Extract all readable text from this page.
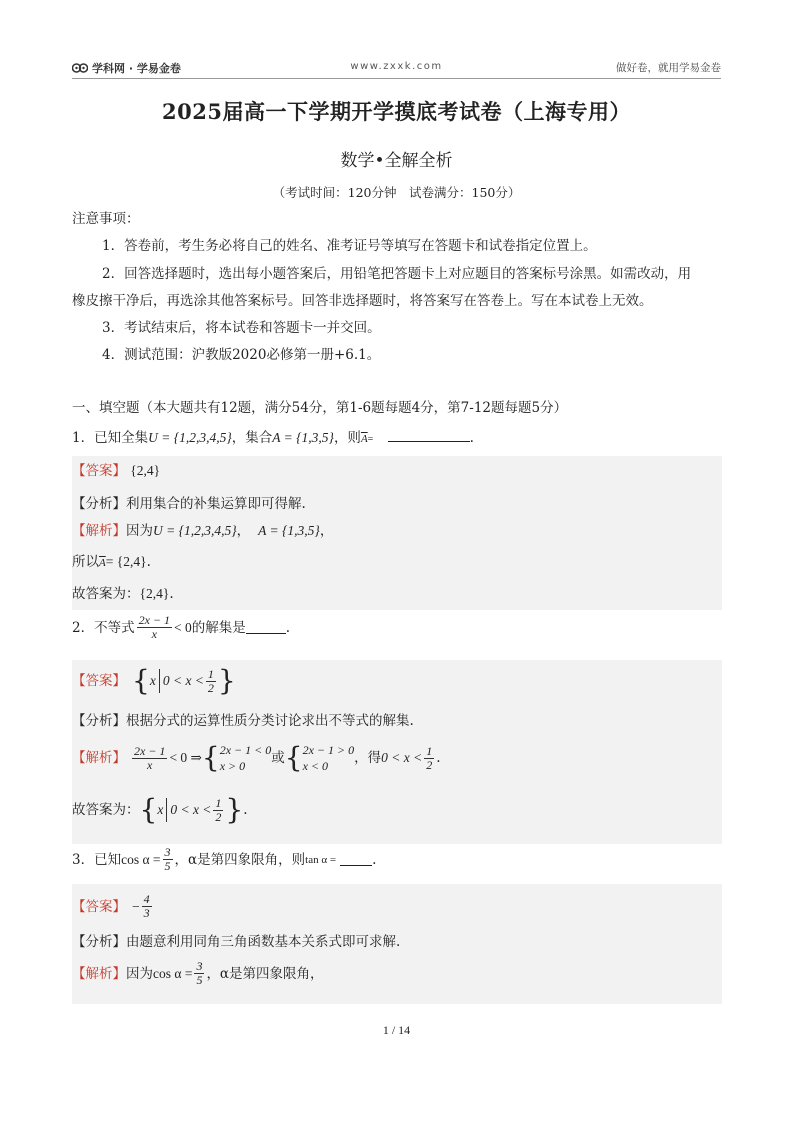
学科网 · 学易金卷	www.zxxk.com	做好卷，就用学易金卷
2025届高一下学期开学摸底考试卷（上海专用）
数学•全解全析
（考试时间：120分钟　试卷满分：150分）
注意事项：
1．答卷前，考生务必将自己的姓名、准考证号等填写在答题卡和试卷指定位置上。
2．回答选择题时，选出每小题答案后，用铅笔把答题卡上对应题目的答案标号涂黑。如需改动，用
橡皮擦干净后，再选涂其他答案标号。回答非选择题时，将答案写在答卷上。写在本试卷上无效。
3．考试结束后，将本试卷和答题卡一并交回。
4．测试范围：沪教版2020必修第一册+6.1。
一、填空题（本大题共有12题，满分54分，第1-6题每题4分，第7-12题每题5分）
1．已知全集U = {1,2,3,4,5}，集合A = {1,3,5}，则$\overline{A}=$	.
【答案】 {2,4}
【分析】利用集合的补集运算即可得解.
【解析】因为U = {1,2,3,4,5}， A = {1,3,5}，
所以$\overline{A}= \{2,4\}$.
故答案为：{2,4}.
2．不等式 $\frac{2x - 1}{x} < 0$ 的解集是	.
【答案】 { x $0 < x < \frac{1}{2}$ }
【分析】根据分式的运算性质分类讨论求出不等式的解集.
【解析】 $\frac{2x - 1}{x} < 0$ ⇒ { 2x − 1 < 0
x > 0	或 { 2x − 1 > 0
x < 0	，得 $0 < x < \frac{1}{2}$ .
故答案为： { x $0 < x < \frac{1}{2}$ } .
3．已知 $\cos \alpha = \frac{3}{5}$ ，α是第四象限角，则 tan α =	.
【答案】 − $\frac{4}{3}$
【分析】由题意利用同角三角函数基本关系式即可求解.
【解析】 因为 $\cos \alpha = \frac{3}{5}$ ，α是第四象限角，
1 / 14
